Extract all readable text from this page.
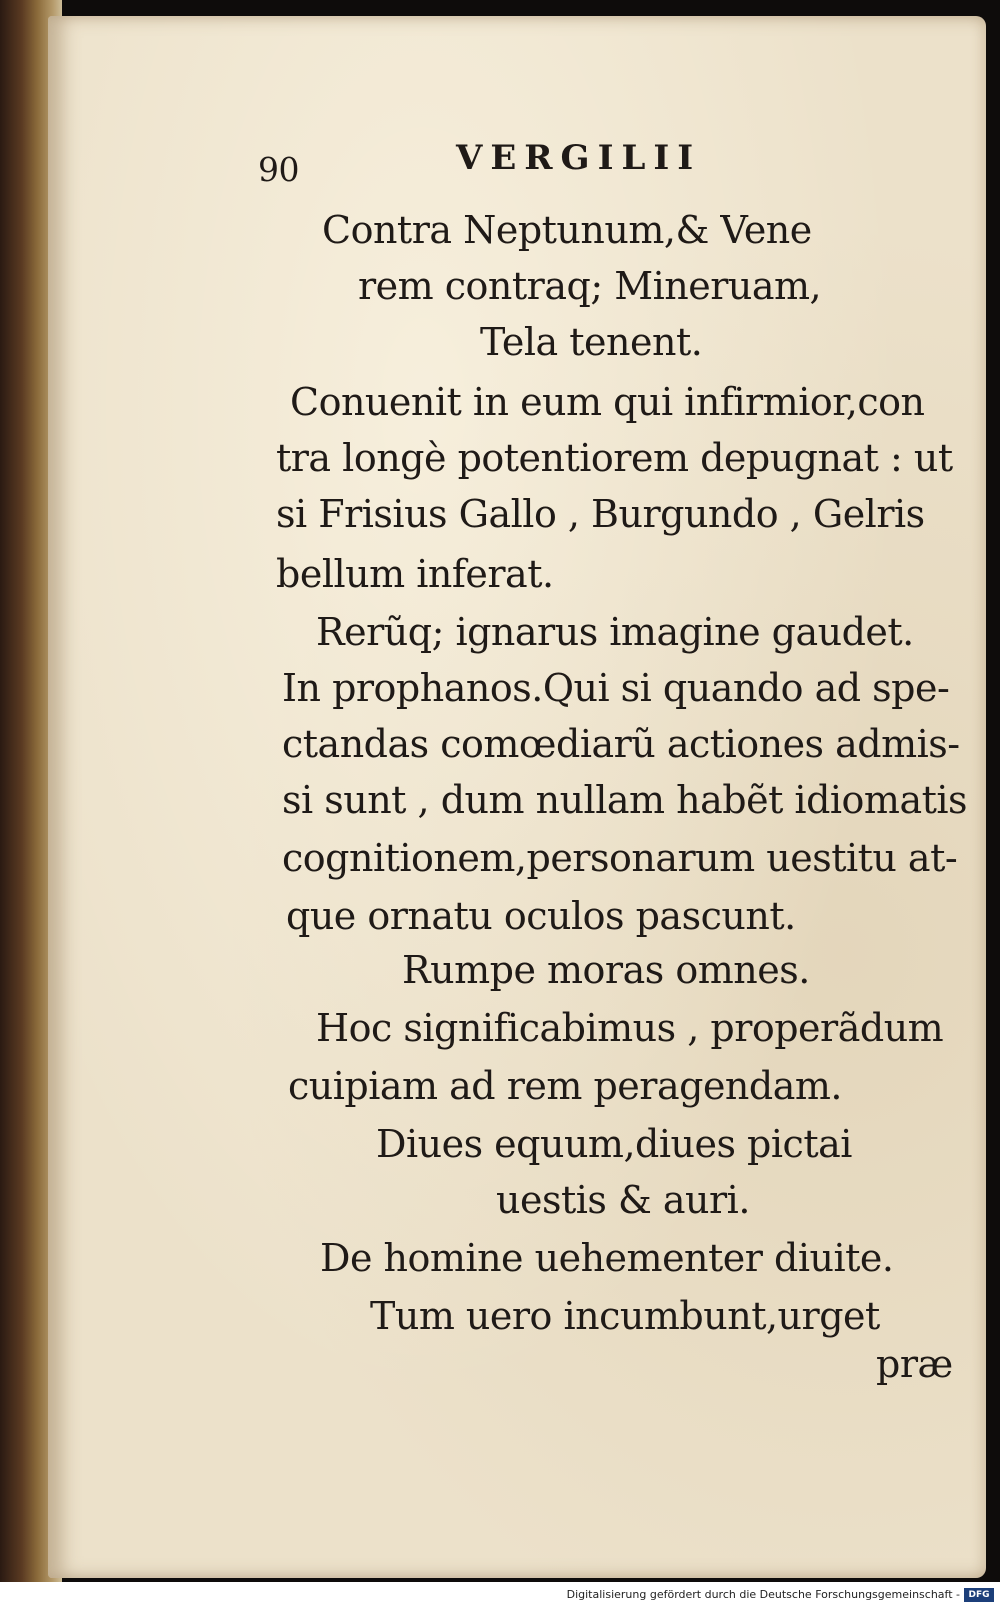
90	VERGILII
Contra Neptunum,& Vene
rem contraq; Mineruam,
Tela tenent.
Conuenit in eum qui infirmior,con
tra longè potentiorem depugnat : ut
si Frisius Gallo , Burgundo , Gelris
bellum inferat.
Rerũq; ignarus imagine gaudet.
In prophanos.Qui si quando ad spe-
ctandas comœdiarũ actiones admis-
si sunt , dum nullam habẽt idiomatis
cognitionem,personarum uestitu at-
que ornatu oculos pascunt.
Rumpe moras omnes.
Hoc significabimus , properãdum
cuipiam ad rem peragendam.
Diues equum,diues pictai
uestis & auri.
De homine uehementer diuite.
Tum uero incumbunt,urget
præ
Digitalisierung gefördert durch die Deutsche Forschungsgemeinschaft - DFG
